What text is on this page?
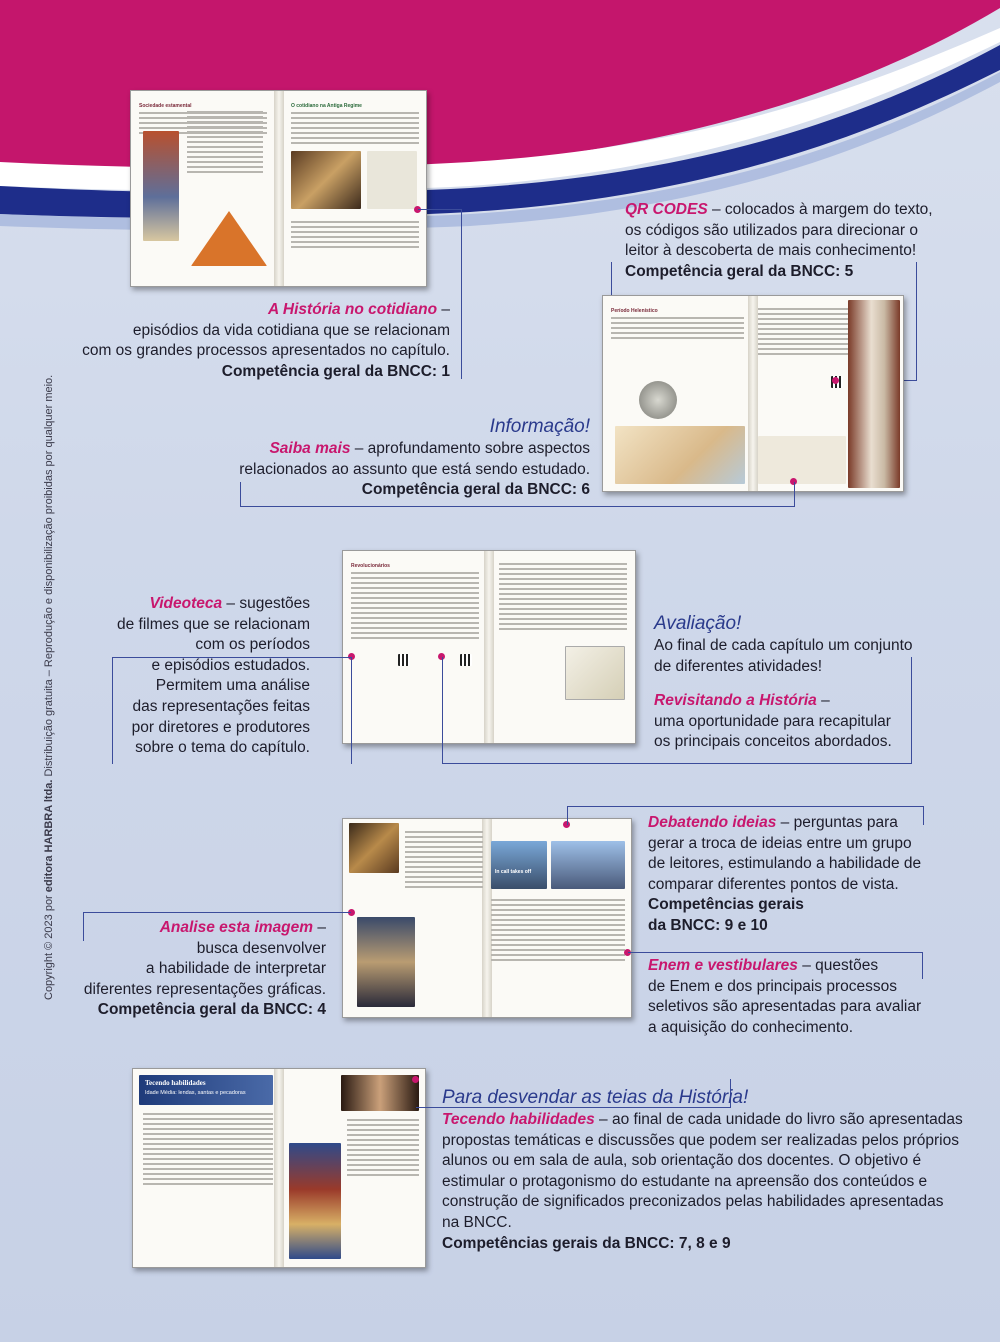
Copyright © 2023 por editora HARBRA ltda. Distribuição gratuita – Reprodução e disponibilização proibidas por qualquer meio.
Sociedade estamental	O cotidiano na Antiga Regime
A História no cotidiano –
episódios da vida cotidiana que se relacionam
com os grandes processos apresentados no capítulo.
Competência geral da BNCC: 1
QR CODES – colocados à margem do texto,
os códigos são utilizados para direcionar o
leitor à descoberta de mais conhecimento!
Competência geral da BNCC: 5
Período Helenístico
Informação!
Saiba mais – aprofundamento sobre aspectos
relacionados ao assunto que está sendo estudado.
Competência geral da BNCC: 6
Revolucionários
Videoteca – sugestões
de filmes que se relacionam
com os períodos
e episódios estudados.
Permitem uma análise
das representações feitas
por diretores e produtores
sobre o tema do capítulo.
Avaliação!
Ao final de cada capítulo um conjunto
de diferentes atividades!

Revisitando a História –
uma oportunidade para recapitular
os principais conceitos abordados.
In call takes off
Debatendo ideias – perguntas para
gerar a troca de ideias entre um grupo
de leitores, estimulando a habilidade de
comparar diferentes pontos de vista.
Competências gerais
da BNCC: 9 e 10
Analise esta imagem –
busca desenvolver
a habilidade de interpretar
diferentes representações gráficas.
Competência geral da BNCC: 4
Enem e vestibulares – questões
de Enem e dos principais processos
seletivos são apresentadas para avaliar
a aquisição do conhecimento.
Tecendo habilidades
Idade Média: lendas, santas e pecadoras	Para desvendar as teias da História!
Tecendo habilidades – ao final de cada unidade do livro são apresentadas
propostas temáticas e discussões que podem ser realizadas pelos próprios
alunos ou em sala de aula, sob orientação dos docentes. O objetivo é
estimular o protagonismo do estudante na apreensão dos conteúdos e
construção de significados preconizados pelas habilidades apresentadas
na BNCC.
Competências gerais da BNCC: 7, 8 e 9
